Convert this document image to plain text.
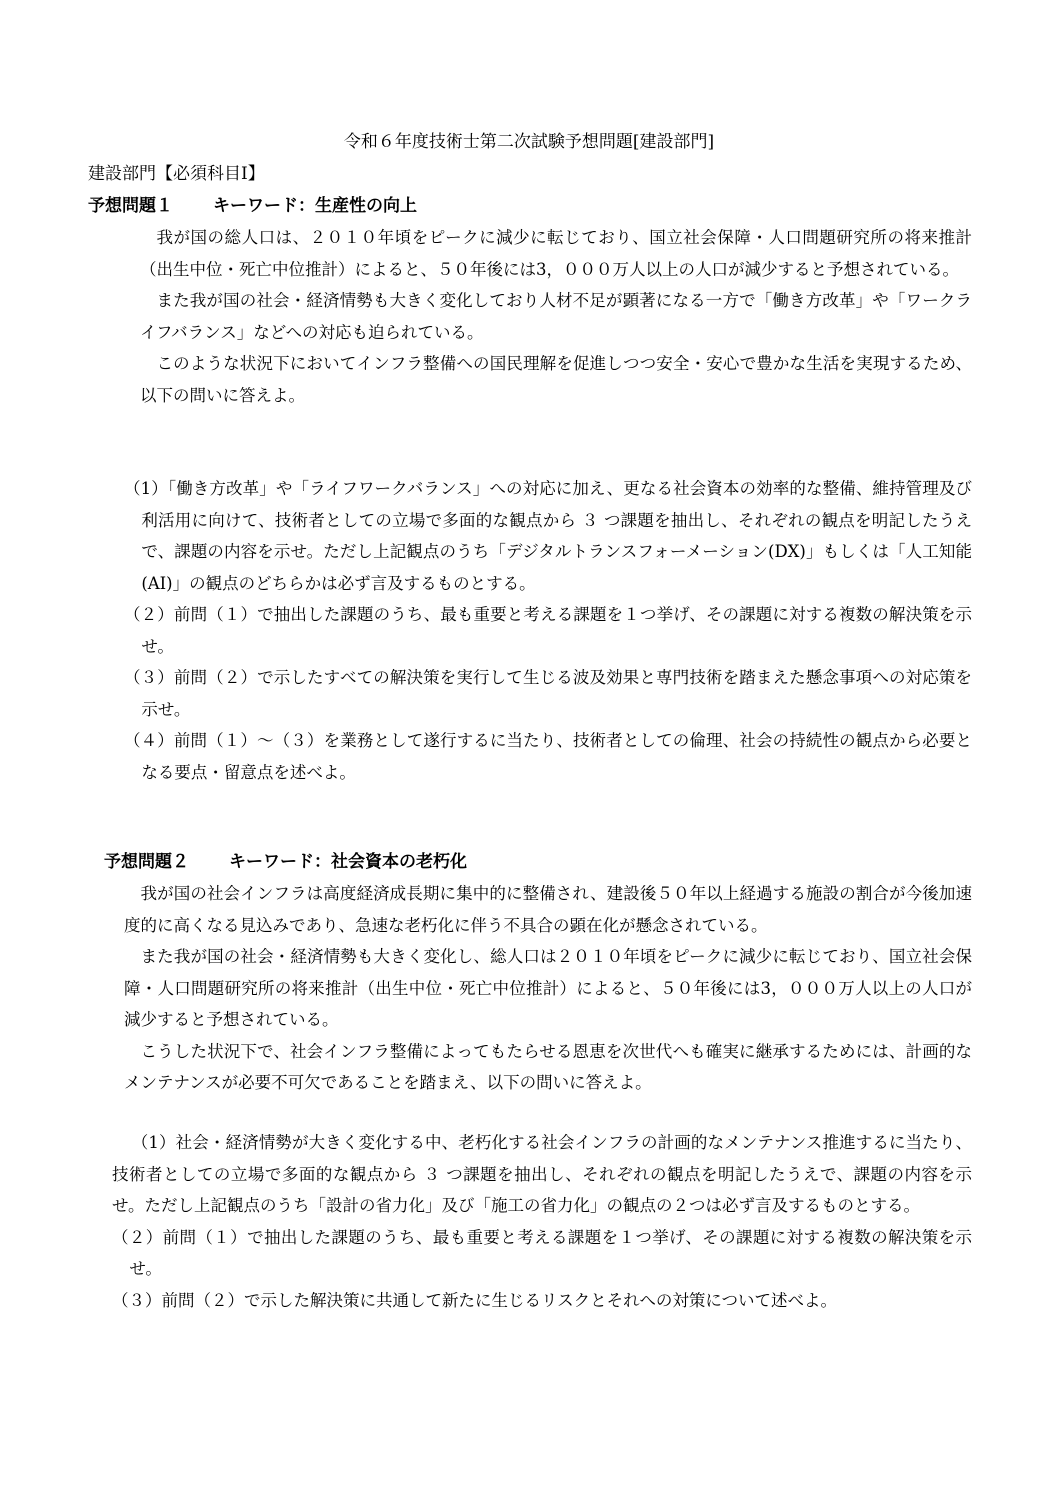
令和６年度技術士第二次試験予想問題[建設部門]
建設部門【必須科目Ⅰ】
予想問題１ キーワード：生産性の向上

我が国の総人口は、２０１０年頃をピークに減少に転じており、国立社会保障・人口問題研究所の将来推計（出生中位・死亡中位推計）によると、５０年後には3，０００万人以上の人口が減少すると予想されている。

また我が国の社会・経済情勢も大きく変化しており人材不足が顕著になる一方で「働き方改革」や「ワークライフバランス」などへの対応も迫られている。

このような状況下においてインフラ整備への国民理解を促進しつつ安全・安心で豊かな生活を実現するため、以下の問いに答えよ。

（1）「働き方改革」や「ライフワークバランス」への対応に加え、更なる社会資本の効率的な整備、維持管理及び利活用に向けて、技術者としての立場で多面的な観点から ３ つ課題を抽出し、それぞれの観点を明記したうえで、課題の内容を示せ。ただし上記観点のうち「デジタルトランスフォーメーション(DX)」もしくは「人工知能(AI)」の観点のどちらかは必ず言及するものとする。

（２）前問（１）で抽出した課題のうち、最も重要と考える課題を１つ挙げ、その課題に対する複数の解決策を示せ。

（３）前問（２）で示したすべての解決策を実行して生じる波及効果と専門技術を踏まえた懸念事項への対応策を示せ。

（４）前問（１）～（３）を業務として遂行するに当たり、技術者としての倫理、社会の持続性の観点から必要となる要点・留意点を述べよ。

予想問題２ キーワード：社会資本の老朽化

我が国の社会インフラは高度経済成長期に集中的に整備され、建設後５０年以上経過する施設の割合が今後加速度的に高くなる見込みであり、急速な老朽化に伴う不具合の顕在化が懸念されている。

また我が国の社会・経済情勢も大きく変化し、総人口は２０１０年頃をピークに減少に転じており、国立社会保障・人口問題研究所の将来推計（出生中位・死亡中位推計）によると、５０年後には3，０００万人以上の人口が減少すると予想されている。

こうした状況下で、社会インフラ整備によってもたらせる恩恵を次世代へも確実に継承するためには、計画的なメンテナンスが必要不可欠であることを踏まえ、以下の問いに答えよ。

（1）社会・経済情勢が大きく変化する中、老朽化する社会インフラの計画的なメンテナンス推進するに当たり、技術者としての立場で多面的な観点から ３ つ課題を抽出し、それぞれの観点を明記したうえで、課題の内容を示せ。ただし上記観点のうち「設計の省力化」及び「施工の省力化」の観点の２つは必ず言及するものとする。

（２）前問（１）で抽出した課題のうち、最も重要と考える課題を１つ挙げ、その課題に対する複数の解決策を示せ。

（３）前問（２）で示した解決策に共通して新たに生じるリスクとそれへの対策について述べよ。
